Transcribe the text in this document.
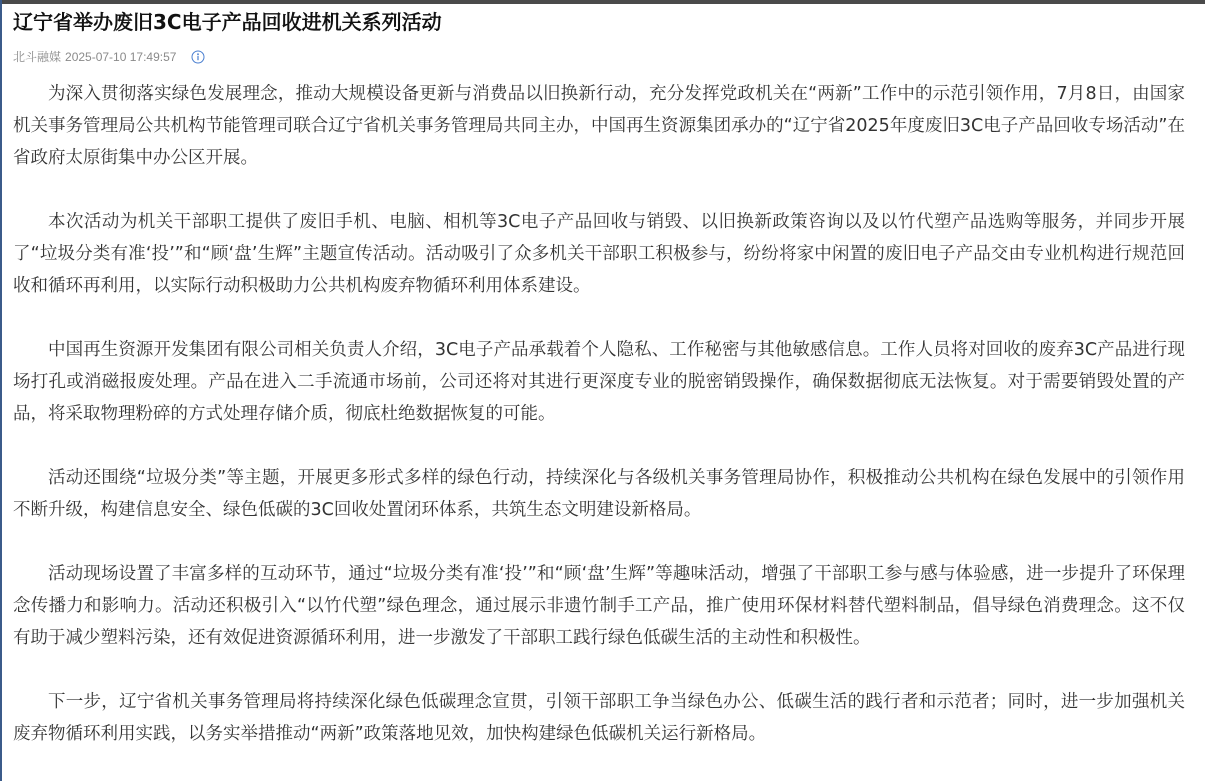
辽宁省举办废旧3C电子产品回收进机关系列活动
北斗融媒 2025-07-10 17:49:57

为深入贯彻落实绿色发展理念，推动大规模设备更新与消费品以旧换新行动，充分发挥党政机关在“两新”工作中的示范引领作用，7月8日，由国家机关事务管理局公共机构节能管理司联合辽宁省机关事务管理局共同主办，中国再生资源集团承办的“辽宁省2025年度废旧3C电子产品回收专场活动”在省政府太原街集中办公区开展。

本次活动为机关干部职工提供了废旧手机、电脑、相机等3C电子产品回收与销毁、以旧换新政策咨询以及以竹代塑产品选购等服务，并同步开展了“垃圾分类有准‘投’”和“顾‘盘’生辉”主题宣传活动。活动吸引了众多机关干部职工积极参与，纷纷将家中闲置的废旧电子产品交由专业机构进行规范回收和循环再利用，以实际行动积极助力公共机构废弃物循环利用体系建设。

中国再生资源开发集团有限公司相关负责人介绍，3C电子产品承载着个人隐私、工作秘密与其他敏感信息。工作人员将对回收的废弃3C产品进行现场打孔或消磁报废处理。产品在进入二手流通市场前，公司还将对其进行更深度专业的脱密销毁操作，确保数据彻底无法恢复。对于需要销毁处置的产品，将采取物理粉碎的方式处理存储介质，彻底杜绝数据恢复的可能。

活动还围绕“垃圾分类”等主题，开展更多形式多样的绿色行动，持续深化与各级机关事务管理局协作，积极推动公共机构在绿色发展中的引领作用不断升级，构建信息安全、绿色低碳的3C回收处置闭环体系，共筑生态文明建设新格局。

活动现场设置了丰富多样的互动环节，通过“垃圾分类有准‘投’”和“顾‘盘’生辉”等趣味活动，增强了干部职工参与感与体验感，进一步提升了环保理念传播力和影响力。活动还积极引入“以竹代塑”绿色理念，通过展示非遗竹制手工产品，推广使用环保材料替代塑料制品，倡导绿色消费理念。这不仅有助于减少塑料污染，还有效促进资源循环利用，进一步激发了干部职工践行绿色低碳生活的主动性和积极性。

下一步，辽宁省机关事务管理局将持续深化绿色低碳理念宣贯，引领干部职工争当绿色办公、低碳生活的践行者和示范者；同时，进一步加强机关废弃物循环利用实践，以务实举措推动“两新”政策落地见效，加快构建绿色低碳机关运行新格局。
